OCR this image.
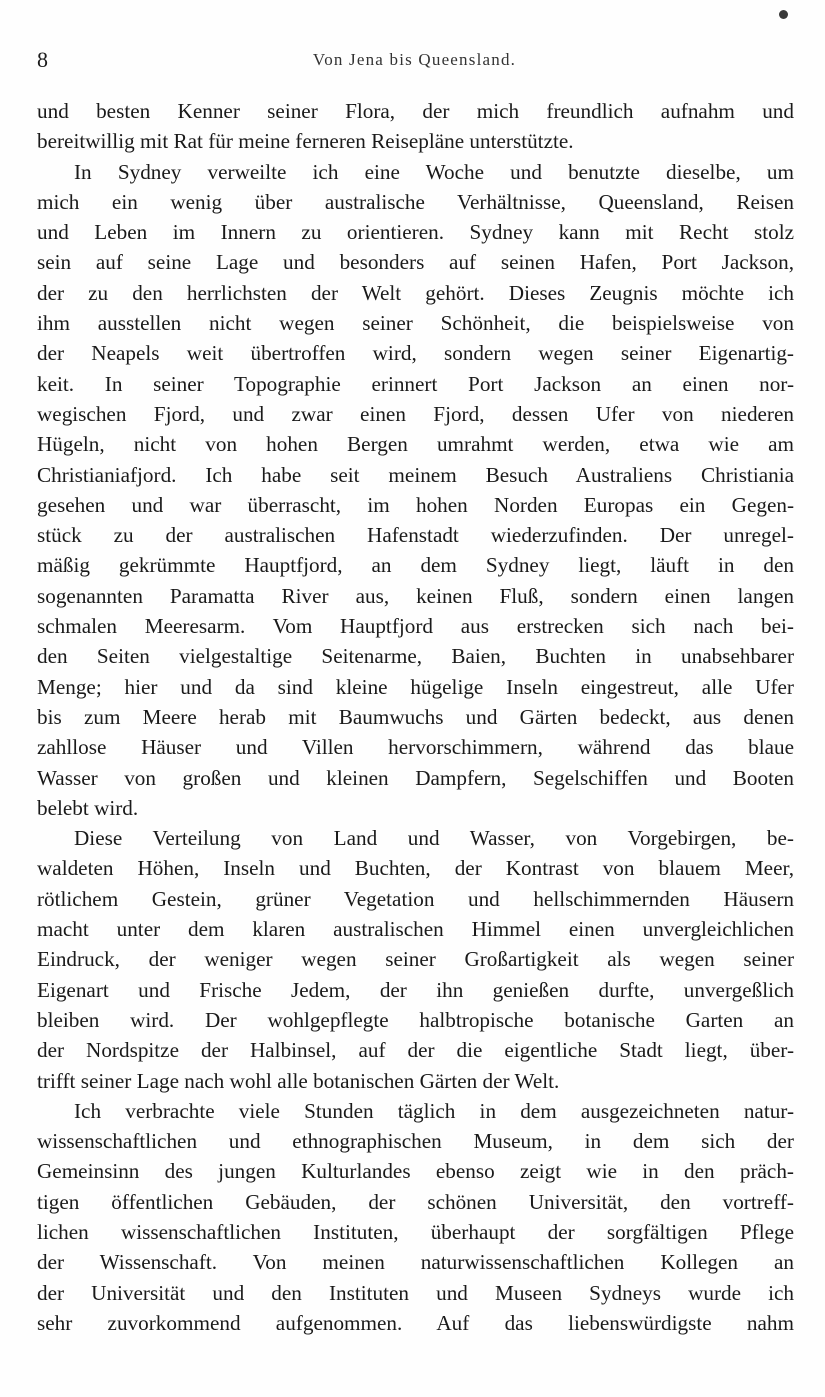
8	Von Jena bis Queensland.
und besten Kenner seiner Flora, der mich freundlich aufnahm und
bereitwillig mit Rat für meine ferneren Reisepläne unterstützte.
In Sydney verweilte ich eine Woche und benutzte dieselbe, um
mich ein wenig über australische Verhältnisse, Queensland, Reisen
und Leben im Innern zu orientieren. Sydney kann mit Recht stolz
sein auf seine Lage und besonders auf seinen Hafen, Port Jackson,
der zu den herrlichsten der Welt gehört. Dieses Zeugnis möchte ich
ihm ausstellen nicht wegen seiner Schönheit, die beispielsweise von
der Neapels weit übertroffen wird, sondern wegen seiner Eigenartig-
keit. In seiner Topographie erinnert Port Jackson an einen nor-
wegischen Fjord, und zwar einen Fjord, dessen Ufer von niederen
Hügeln, nicht von hohen Bergen umrahmt werden, etwa wie am
Christianiafjord. Ich habe seit meinem Besuch Australiens Christiania
gesehen und war überrascht, im hohen Norden Europas ein Gegen-
stück zu der australischen Hafenstadt wiederzufinden. Der unregel-
mäßig gekrümmte Hauptfjord, an dem Sydney liegt, läuft in den
sogenannten Paramatta River aus, keinen Fluß, sondern einen langen
schmalen Meeresarm. Vom Hauptfjord aus erstrecken sich nach bei-
den Seiten vielgestaltige Seitenarme, Baien, Buchten in unabsehbarer
Menge; hier und da sind kleine hügelige Inseln eingestreut, alle Ufer
bis zum Meere herab mit Baumwuchs und Gärten bedeckt, aus denen
zahllose Häuser und Villen hervorschimmern, während das blaue
Wasser von großen und kleinen Dampfern, Segelschiffen und Booten
belebt wird.
Diese Verteilung von Land und Wasser, von Vorgebirgen, be-
waldeten Höhen, Inseln und Buchten, der Kontrast von blauem Meer,
rötlichem Gestein, grüner Vegetation und hellschimmernden Häusern
macht unter dem klaren australischen Himmel einen unvergleichlichen
Eindruck, der weniger wegen seiner Großartigkeit als wegen seiner
Eigenart und Frische Jedem, der ihn genießen durfte, unvergeßlich
bleiben wird. Der wohlgepflegte halbtropische botanische Garten an
der Nordspitze der Halbinsel, auf der die eigentliche Stadt liegt, über-
trifft seiner Lage nach wohl alle botanischen Gärten der Welt.
Ich verbrachte viele Stunden täglich in dem ausgezeichneten natur-
wissenschaftlichen und ethnographischen Museum, in dem sich der
Gemeinsinn des jungen Kulturlandes ebenso zeigt wie in den präch-
tigen öffentlichen Gebäuden, der schönen Universität, den vortreff-
lichen wissenschaftlichen Instituten, überhaupt der sorgfältigen Pflege
der Wissenschaft. Von meinen naturwissenschaftlichen Kollegen an
der Universität und den Instituten und Museen Sydneys wurde ich
sehr zuvorkommend aufgenommen. Auf das liebenswürdigste nahm
